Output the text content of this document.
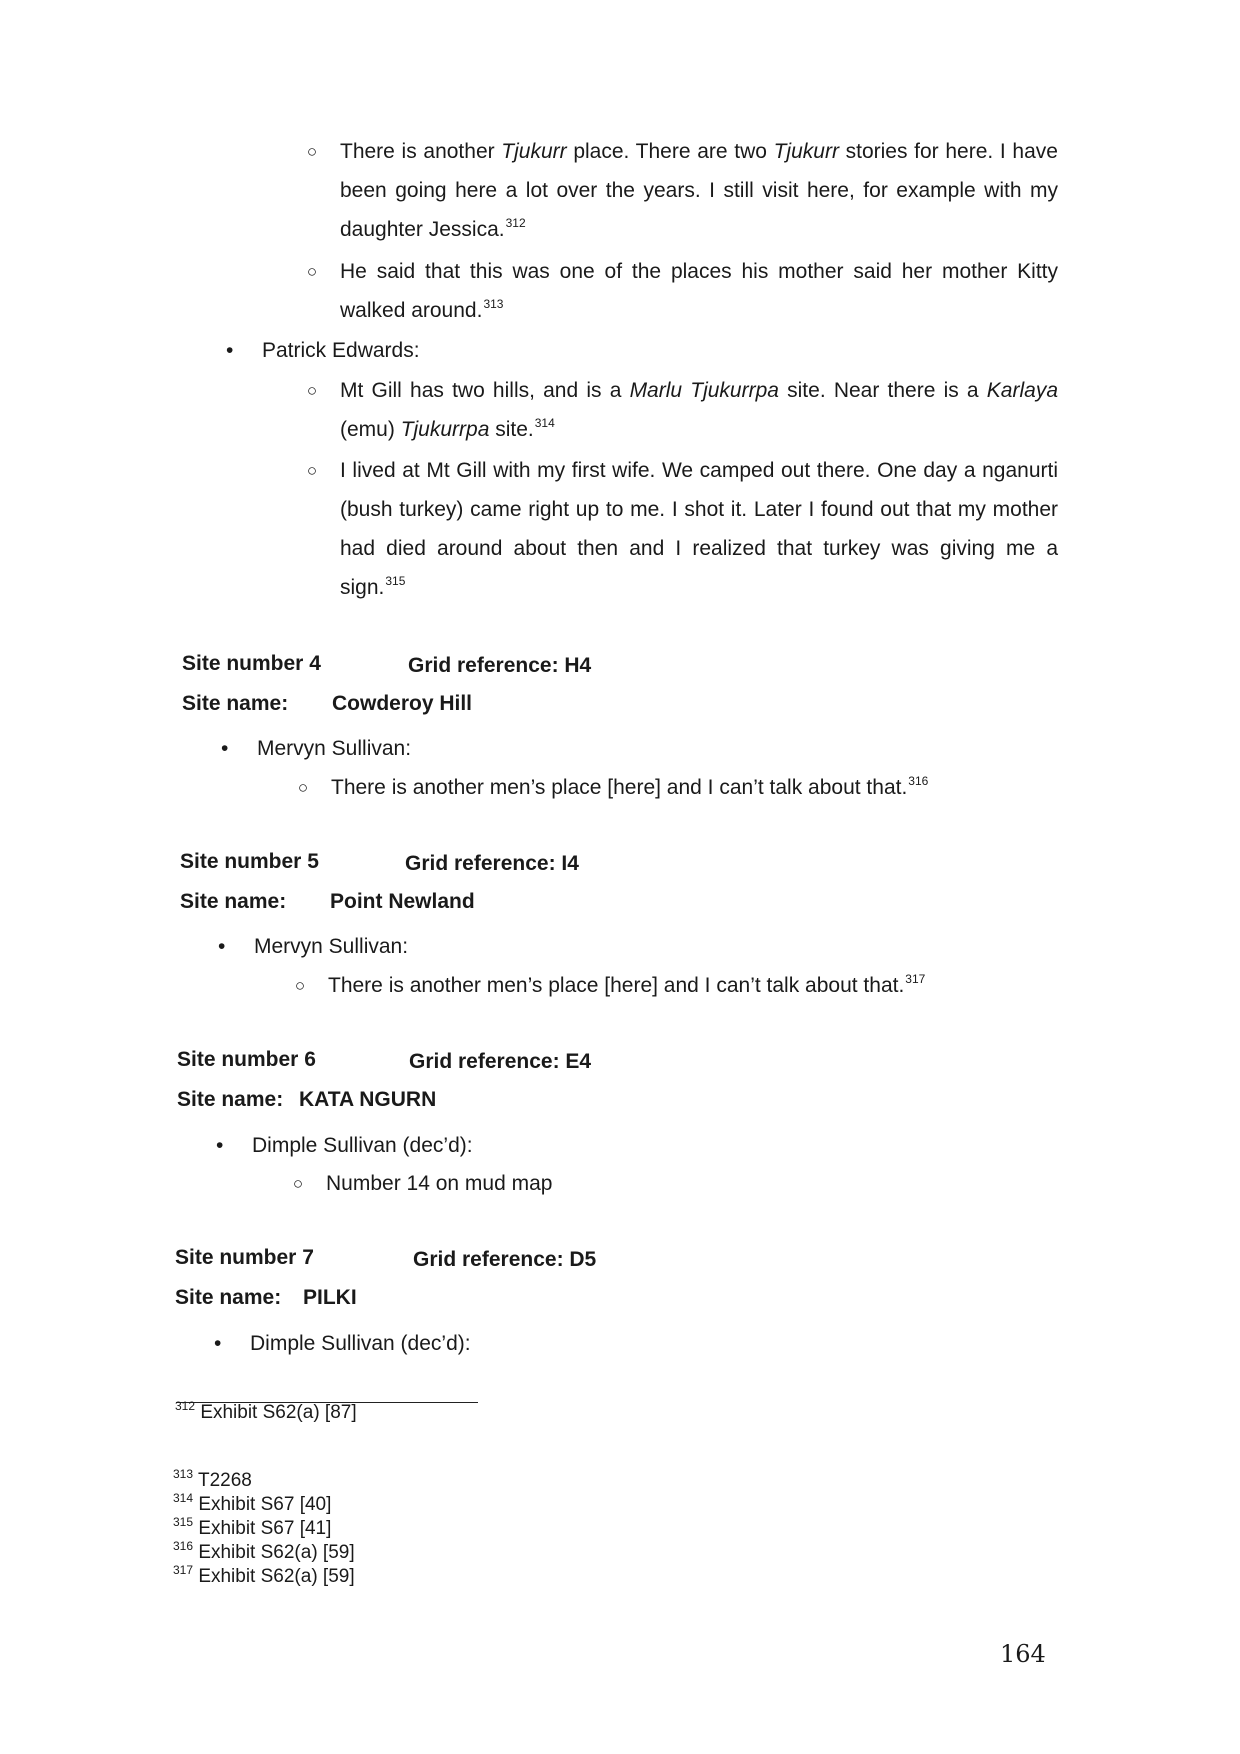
○ There is another Tjukurr place. There are two Tjukurr stories for here. I have been going here a lot over the years. I still visit here, for example with my daughter Jessica.$^{312}$

○ He said that this was one of the places his mother said her mother Kitty walked around.$^{313}$

• Patrick Edwards:
○ Mt Gill has two hills, and is a Marlu Tjukurrpa site. Near there is a Karlaya (emu) Tjukurrpa site.$^{314}$

○ I lived at Mt Gill with my first wife. We camped out there. One day a nganurti (bush turkey) came right up to me. I shot it. Later I found out that my mother had died around about then and I realized that turkey was giving me a sign.$^{315}$

Site number 4	Grid reference: H4
Site name: Cowderoy Hill
• Mervyn Sullivan:
○ There is another men’s place [here] and I can’t talk about that.$^{316}$
Site number 5	Grid reference: I4
Site name: Point Newland
• Mervyn Sullivan:
○ There is another men’s place [here] and I can’t talk about that.$^{317}$
Site number 6	Grid reference: E4
Site name: KATA NGURN
• Dimple Sullivan (dec’d):
○ Number 14 on mud map
Site number 7	Grid reference: D5
Site name: PILKI
• Dimple Sullivan (dec’d):
$^{312}$ Exhibit S62(a) [87]
$^{313}$ T2268
$^{314}$ Exhibit S67 [40]
$^{315}$ Exhibit S67 [41]
$^{316}$ Exhibit S62(a) [59]
$^{317}$ Exhibit S62(a) [59]
164
